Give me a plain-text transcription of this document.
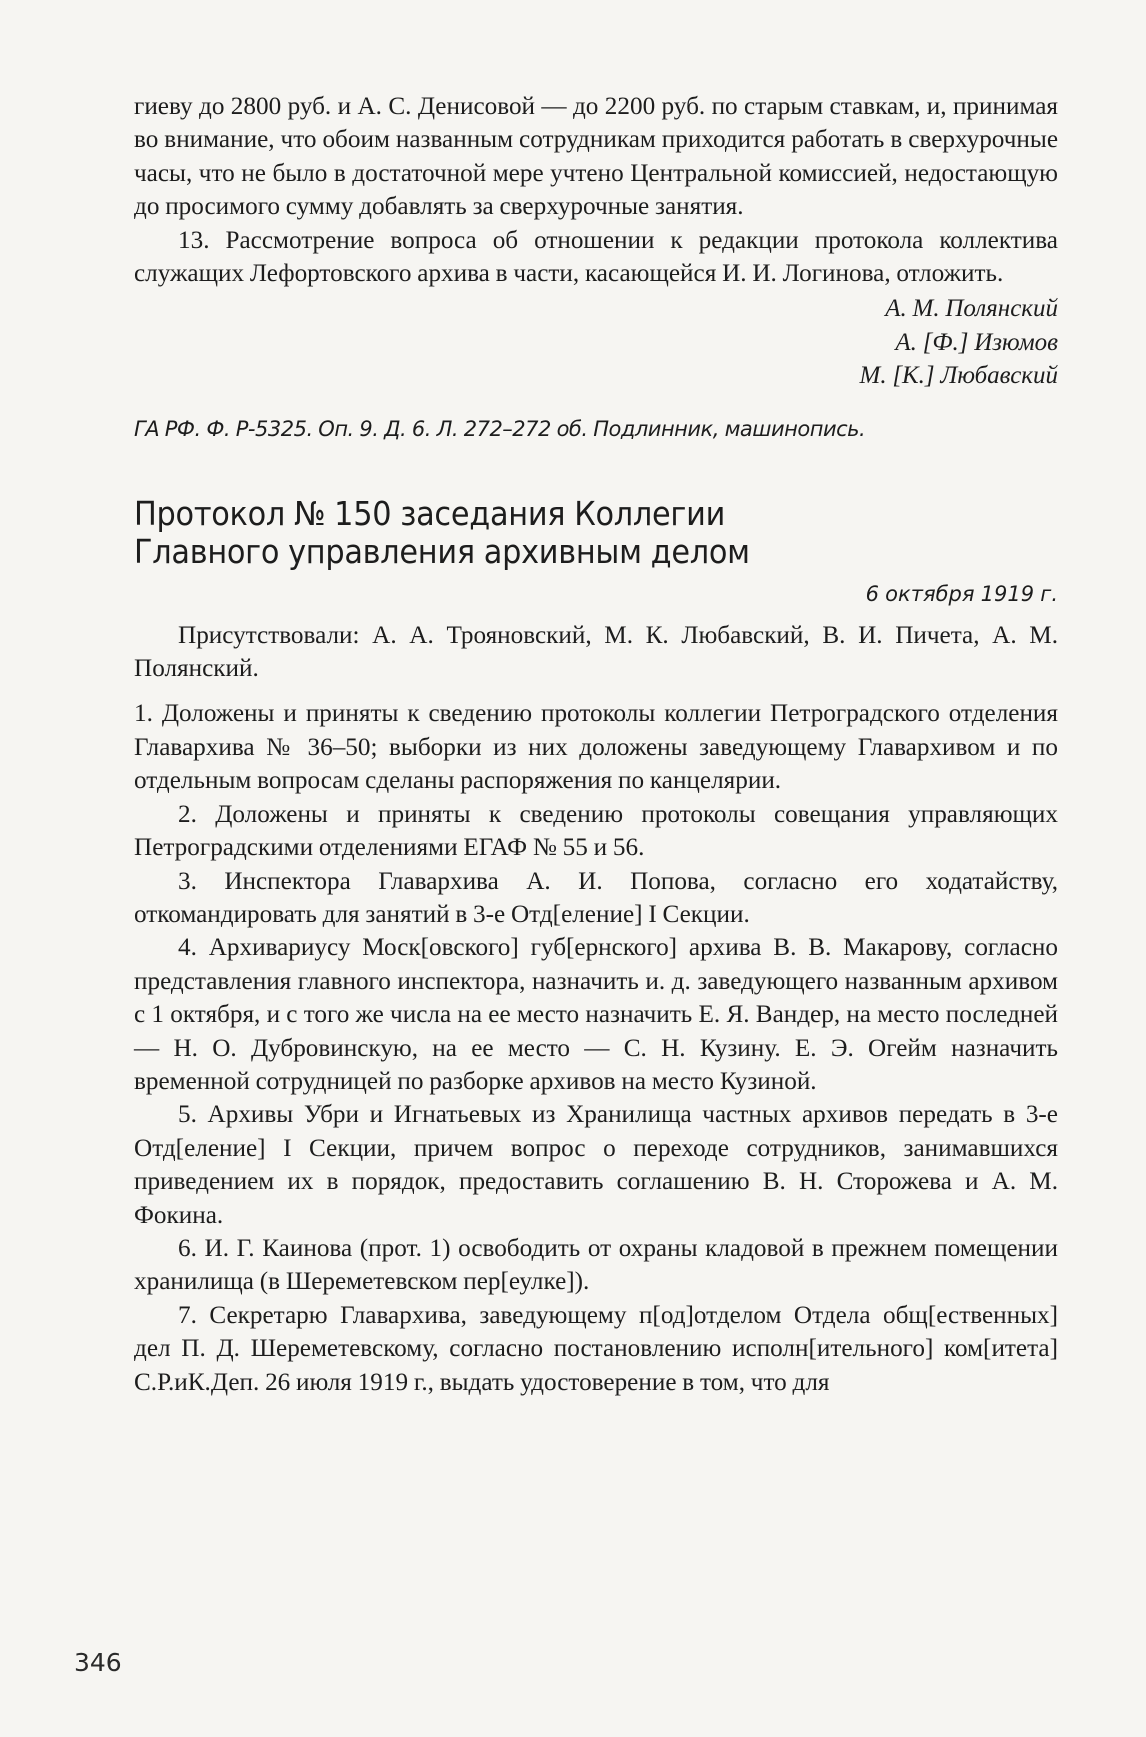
гиеву до 2800 руб. и А. С. Денисовой — до 2200 руб. по старым ставкам, и, принимая во внимание, что обоим названным сотрудникам приходится работать в сверхурочные часы, что не было в достаточной мере учтено Центральной комиссией, недостающую до просимого сумму добавлять за сверхурочные занятия.

13. Рассмотрение вопроса об отношении к редакции протокола коллектива служащих Лефортовского архива в части, касающейся И. И. Логинова, отложить.

А. М. Полянский
А. [Ф.] Изюмов
М. [К.] Любавский
ГА РФ. Ф. Р-5325. Оп. 9. Д. 6. Л. 272–272 об. Подлинник, машинопись.
Протокол № 150 заседания Коллегии
Главного управления архивным делом
6 октября 1919 г.

Присутствовали: А. А. Трояновский, М. К. Любавский, В. И. Пичета, А. М. Полянский.

1. Доложены и приняты к сведению протоколы коллегии Петроградского отделения Главархива № 36–50; выборки из них доложены заведующему Главархивом и по отдельным вопросам сделаны распоряжения по канцелярии.

2. Доложены и приняты к сведению протоколы совещания управляющих Петроградскими отделениями ЕГАФ № 55 и 56.

3. Инспектора Главархива А. И. Попова, согласно его ходатайству, откомандировать для занятий в 3-е Отд[еление] I Секции.

4. Архивариусу Моск[овского] губ[ернского] архива В. В. Макарову, согласно представления главного инспектора, назначить и. д. заведующего названным архивом с 1 октября, и с того же числа на ее место назначить Е. Я. Вандер, на место последней — Н. О. Дубровинскую, на ее место — С. Н. Кузину. Е. Э. Огейм назначить временной сотрудницей по разборке архивов на место Кузиной.

5. Архивы Убри и Игнатьевых из Хранилища частных архивов передать в 3-е Отд[еление] I Секции, причем вопрос о переходе сотрудников, занимавшихся приведением их в порядок, предоставить соглашению В. Н. Сторожева и А. М. Фокина.

6. И. Г. Каинова (прот. 1) освободить от охраны кладовой в прежнем помещении хранилища (в Шереметевском пер[еулке]).

7. Секретарю Главархива, заведующему п[од]отделом Отдела общ[ественных] дел П. Д. Шереметевскому, согласно постановлению исполн[ительного] ком[итета] С.Р.иК.Деп. 26 июля 1919 г., выдать удостоверение в том, что для

346
